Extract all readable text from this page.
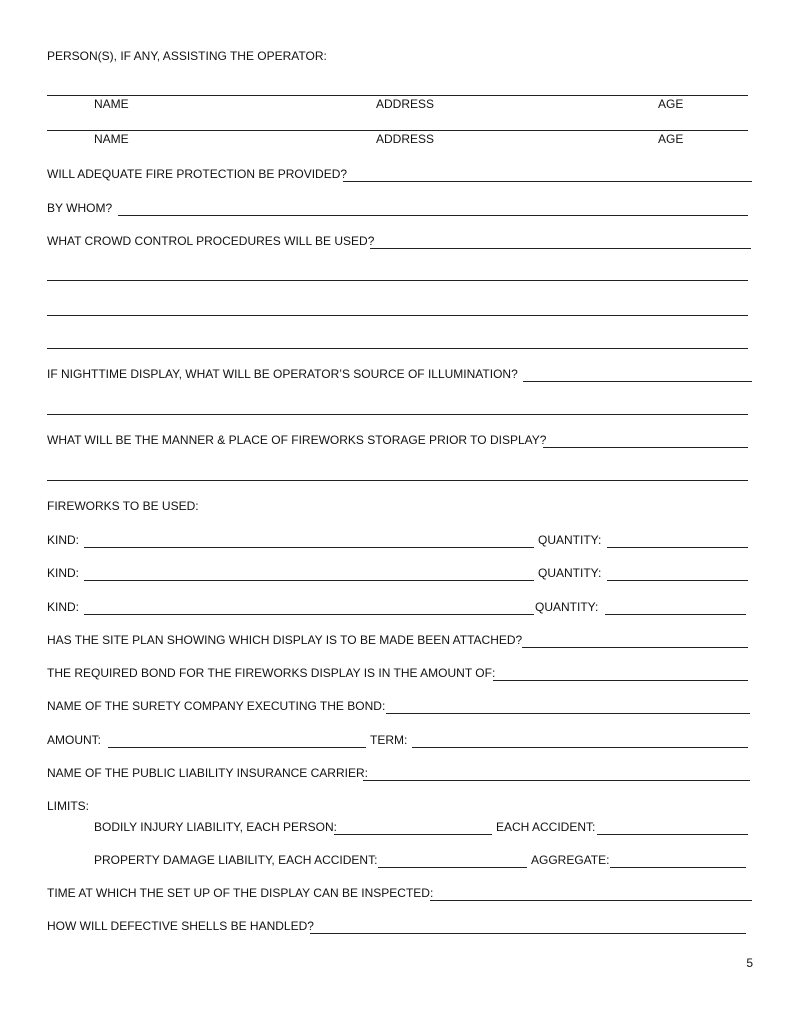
PERSON(S), IF ANY, ASSISTING THE OPERATOR:
NAME	ADDRESS	AGE
NAME	ADDRESS	AGE
WILL ADEQUATE FIRE PROTECTION BE PROVIDED?
BY WHOM?
WHAT CROWD CONTROL PROCEDURES WILL BE USED?
IF NIGHTTIME DISPLAY, WHAT WILL BE OPERATOR’S SOURCE OF ILLUMINATION?
WHAT WILL BE THE MANNER & PLACE OF FIREWORKS STORAGE PRIOR TO DISPLAY?
FIREWORKS TO BE USED:
KIND:	QUANTITY:
KIND:	QUANTITY:
KIND:	QUANTITY:
HAS THE SITE PLAN SHOWING WHICH DISPLAY IS TO BE MADE BEEN ATTACHED?
THE REQUIRED BOND FOR THE FIREWORKS DISPLAY IS IN THE AMOUNT OF:
NAME OF THE SURETY COMPANY EXECUTING THE BOND:
AMOUNT:	TERM:
NAME OF THE PUBLIC LIABILITY INSURANCE CARRIER:
LIMITS:
BODILY INJURY LIABILITY, EACH PERSON:	EACH ACCIDENT:
PROPERTY DAMAGE LIABILITY, EACH ACCIDENT:	AGGREGATE:
TIME AT WHICH THE SET UP OF THE DISPLAY CAN BE INSPECTED:
HOW WILL DEFECTIVE SHELLS BE HANDLED?
5
